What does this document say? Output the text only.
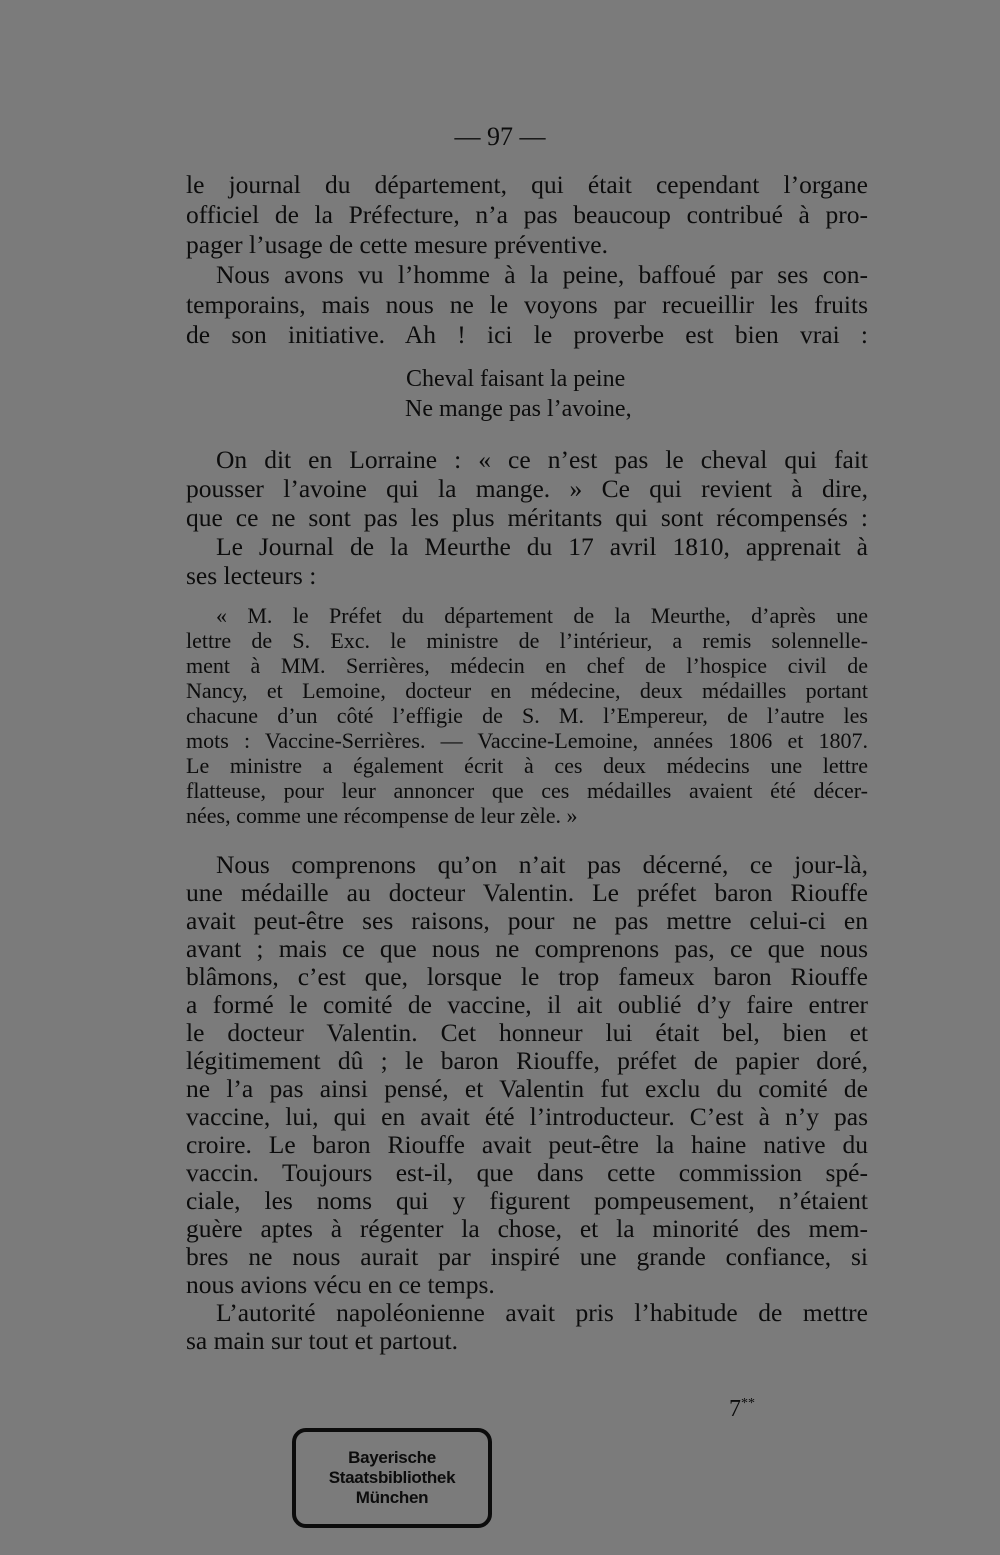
— 97 —
le journal du département, qui était cependant l’organe
officiel de la Préfecture, n’a pas beaucoup contribué à pro-
pager l’usage de cette mesure préventive.
Nous avons vu l’homme à la peine, baffoué par ses con-
temporains, mais nous ne le voyons par recueillir les fruits
de son initiative. Ah ! ici le proverbe est bien vrai :
Cheval faisant la peine
Ne mange pas l’avoine,
On dit en Lorraine : « ce n’est pas le cheval qui fait
pousser l’avoine qui la mange. » Ce qui revient à dire,
que ce ne sont pas les plus méritants qui sont récompensés :
Le Journal de la Meurthe du 17 avril 1810, apprenait à
ses lecteurs :
« M. le Préfet du département de la Meurthe, d’après une
lettre de S. Exc. le ministre de l’intérieur, a remis solennelle-
ment à MM. Serrières, médecin en chef de l’hospice civil de
Nancy, et Lemoine, docteur en médecine, deux médailles portant
chacune d’un côté l’effigie de S. M. l’Empereur, de l’autre les
mots : Vaccine-Serrières. — Vaccine-Lemoine, années 1806 et 1807.
Le ministre a également écrit à ces deux médecins une lettre
flatteuse, pour leur annoncer que ces médailles avaient été décer-
nées, comme une récompense de leur zèle. »
Nous comprenons qu’on n’ait pas décerné, ce jour-là,
une médaille au docteur Valentin. Le préfet baron Riouffe
avait peut-être ses raisons, pour ne pas mettre celui-ci en
avant ; mais ce que nous ne comprenons pas, ce que nous
blâmons, c’est que, lorsque le trop fameux baron Riouffe
a formé le comité de vaccine, il ait oublié d’y faire entrer
le docteur Valentin. Cet honneur lui était bel, bien et
légitimement dû ; le baron Riouffe, préfet de papier doré,
ne l’a pas ainsi pensé, et Valentin fut exclu du comité de
vaccine, lui, qui en avait été l’introducteur. C’est à n’y pas
croire. Le baron Riouffe avait peut-être la haine native du
vaccin. Toujours est-il, que dans cette commission spé-
ciale, les noms qui y figurent pompeusement, n’étaient
guère aptes à régenter la chose, et la minorité des mem-
bres ne nous aurait par inspiré une grande confiance, si
nous avions vécu en ce temps.
L’autorité napoléonienne avait pris l’habitude de mettre
sa main sur tout et partout.
7**
Bayerische
Staatsbibliothek
München
